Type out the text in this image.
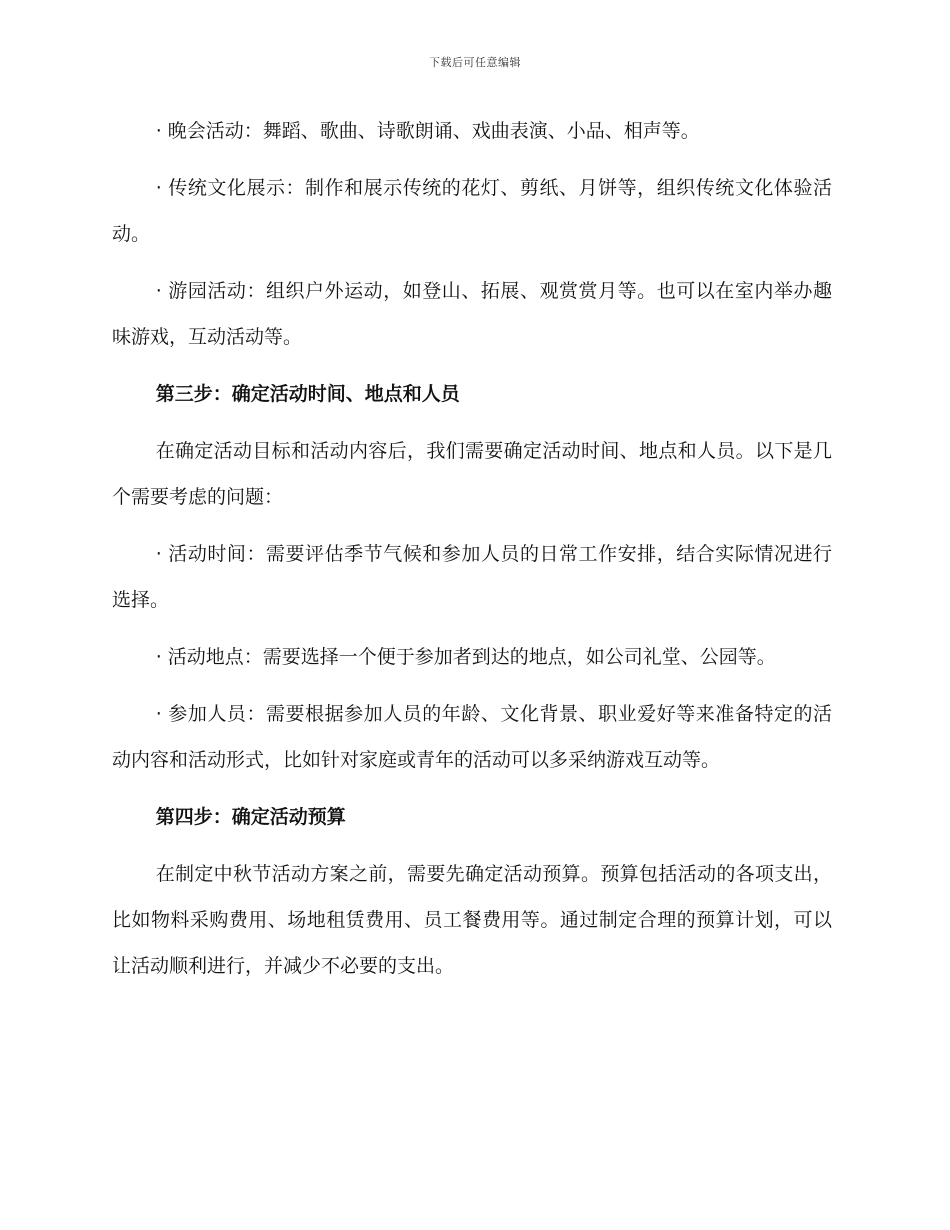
下载后可任意编辑

· 晚会活动：舞蹈、歌曲、诗歌朗诵、戏曲表演、小品、相声等。

· 传统文化展示：制作和展示传统的花灯、剪纸、月饼等，组织传统文化体验活动。

· 游园活动：组织户外运动，如登山、拓展、观赏赏月等。也可以在室内举办趣味游戏，互动活动等。

第三步：确定活动时间、地点和人员

在确定活动目标和活动内容后，我们需要确定活动时间、地点和人员。以下是几个需要考虑的问题：

· 活动时间：需要评估季节气候和参加人员的日常工作安排，结合实际情况进行选择。

· 活动地点：需要选择一个便于参加者到达的地点，如公司礼堂、公园等。

· 参加人员：需要根据参加人员的年龄、文化背景、职业爱好等来准备特定的活动内容和活动形式，比如针对家庭或青年的活动可以多采纳游戏互动等。

第四步：确定活动预算

在制定中秋节活动方案之前，需要先确定活动预算。预算包括活动的各项支出，比如物料采购费用、场地租赁费用、员工餐费用等。通过制定合理的预算计划，可以让活动顺利进行，并减少不必要的支出。
